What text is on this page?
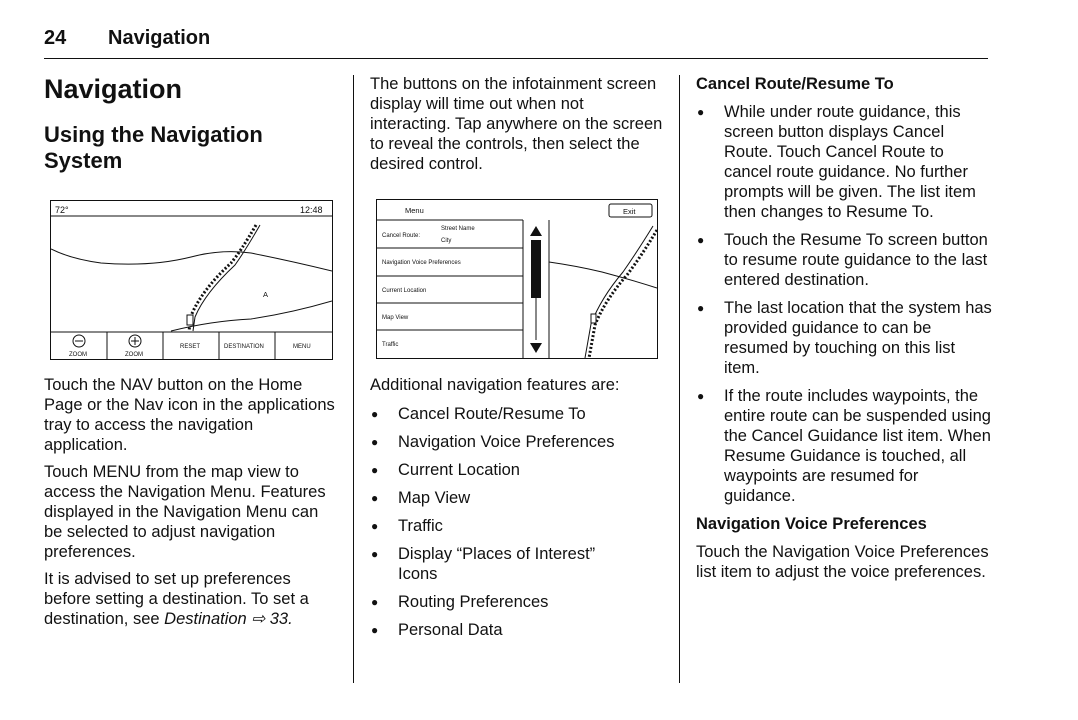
24 Navigation
Navigation
Using the Navigation System
72°	12:48
A
ZOOM	ZOOM
RESET	DESTINATION	MENU

Touch the NAV button on the Home Page or the Nav icon in the applications tray to access the navigation application.

Touch MENU from the map view to access the Navigation Menu. Features displayed in the Navigation Menu can be selected to adjust navigation preferences.

It is advised to set up preferences before setting a destination. To set a destination, see Destination ⇨ 33.

The buttons on the infotainment screen display will time out when not interacting. Tap anywhere on the screen to reveal the controls, then select the desired control.

Menu	Exit
Cancel Route:
Street Name
City
Navigation Voice Preferences
Current Location
Map View
Traffic

Additional navigation features are:

● Cancel Route/Resume To
● Navigation Voice Preferences
● Current Location
● Map View
● Traffic
● Display “Places of Interest” Icons
● Routing Preferences
● Personal Data
Cancel Route/Resume To
● While under route guidance, this screen button displays Cancel Route. Touch Cancel Route to cancel route guidance. No further prompts will be given. The list item then changes to Resume To.
● Touch the Resume To screen button to resume route guidance to the last entered destination.
● The last location that the system has provided guidance to can be resumed by touching on this list item.
● If the route includes waypoints, the entire route can be suspended using the Cancel Guidance list item. When Resume Guidance is touched, all waypoints are resumed for guidance.
Navigation Voice Preferences

Touch the Navigation Voice Preferences list item to adjust the voice preferences.
